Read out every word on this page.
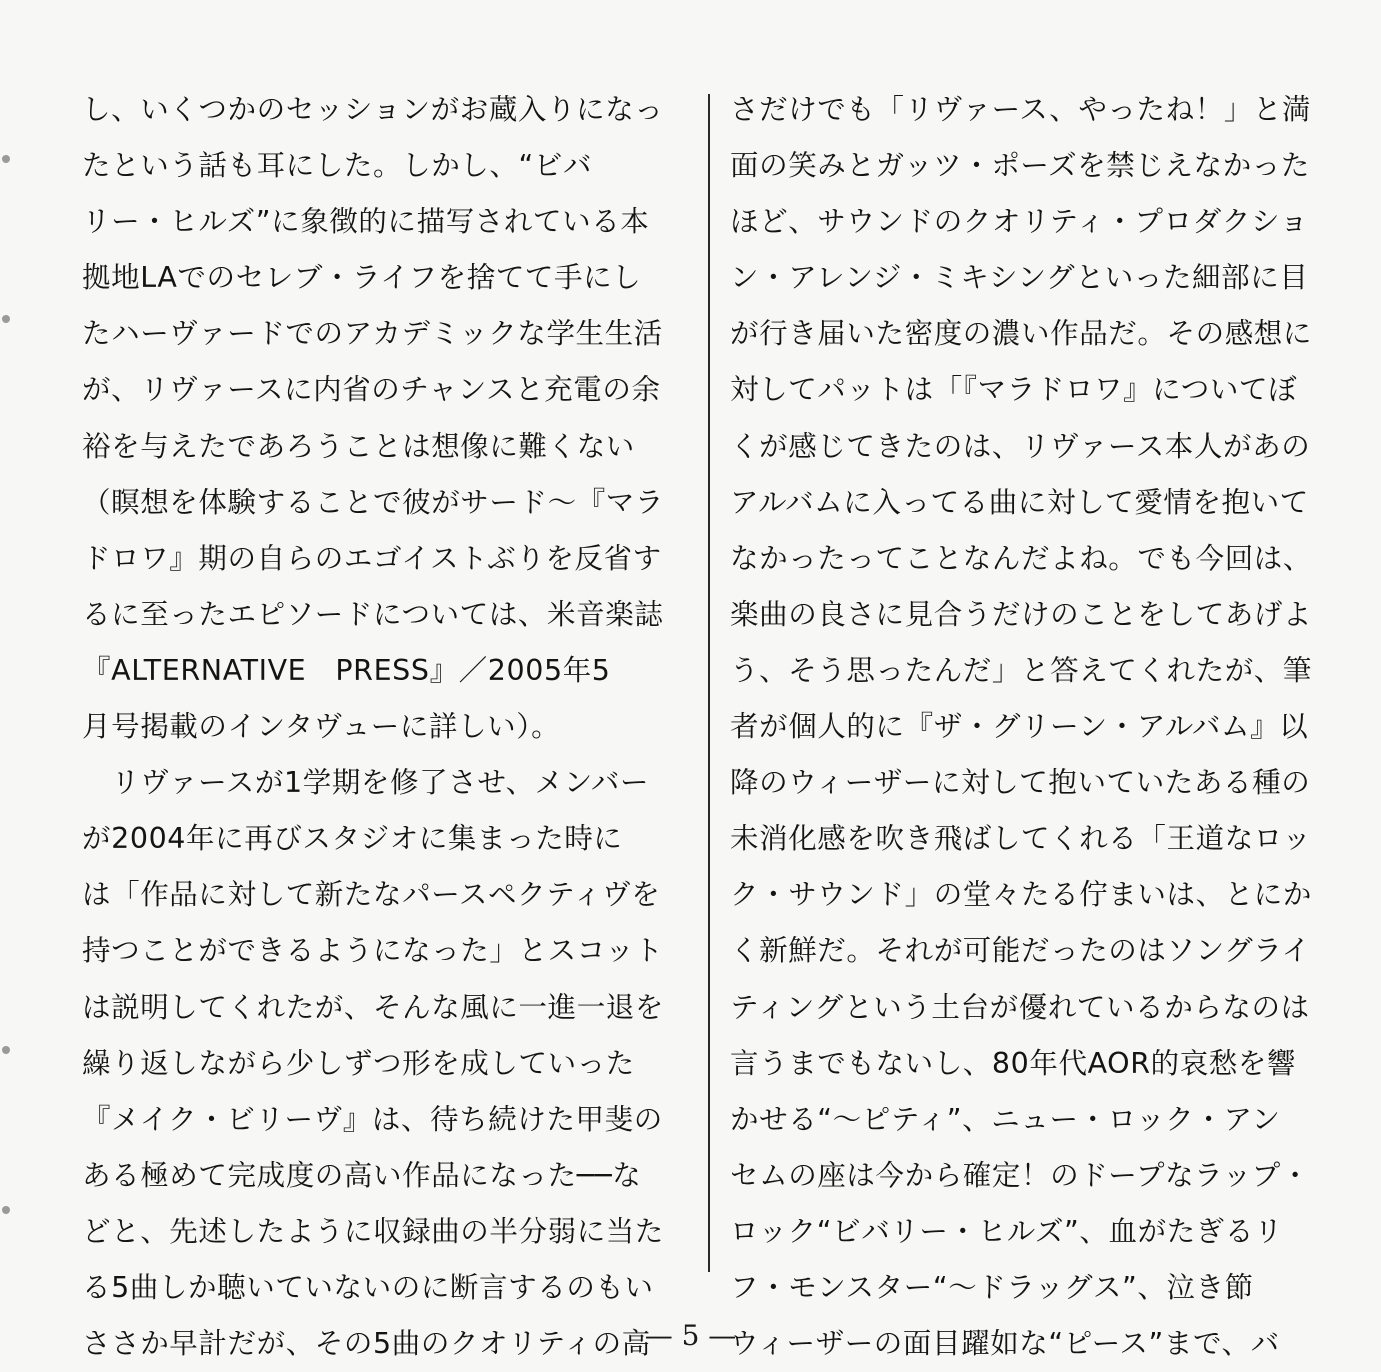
し、いくつかのセッションがお蔵入りになっ
たという話も耳にした。しかし、“ビバ
リー・ヒルズ”に象徴的に描写されている本
拠地LAでのセレブ・ライフを捨てて手にし
たハーヴァードでのアカデミックな学生生活
が、リヴァースに内省のチャンスと充電の余
裕を与えたであろうことは想像に難くない
（瞑想を体験することで彼がサード〜『マラ
ドロワ』期の自らのエゴイストぶりを反省す
るに至ったエピソードについては、米音楽誌
『ALTERNATIVE　PRESS』／2005年5
月号掲載のインタヴューに詳しい）。
　リヴァースが1学期を修了させ、メンバー
が2004年に再びスタジオに集まった時に
は「作品に対して新たなパースペクティヴを
持つことができるようになった」とスコット
は説明してくれたが、そんな風に一進一退を
繰り返しながら少しずつ形を成していった
『メイク・ビリーヴ』は、待ち続けた甲斐の
ある極めて完成度の高い作品になった──な
どと、先述したように収録曲の半分弱に当た
る5曲しか聴いていないのに断言するのもい
ささか早計だが、その5曲のクオリティの高
さだけでも「リヴァース、やったね！」と満
面の笑みとガッツ・ポーズを禁じえなかった
ほど、サウンドのクオリティ・プロダクショ
ン・アレンジ・ミキシングといった細部に目
が行き届いた密度の濃い作品だ。その感想に
対してパットは「『マラドロワ』についてぼ
くが感じてきたのは、リヴァース本人があの
アルバムに入ってる曲に対して愛情を抱いて
なかったってことなんだよね。でも今回は、
楽曲の良さに見合うだけのことをしてあげよ
う、そう思ったんだ」と答えてくれたが、筆
者が個人的に『ザ・グリーン・アルバム』以
降のウィーザーに対して抱いていたある種の
未消化感を吹き飛ばしてくれる「王道なロッ
ク・サウンド」の堂々たる佇まいは、とにか
く新鮮だ。それが可能だったのはソングライ
ティングという土台が優れているからなのは
言うまでもないし、80年代AOR的哀愁を響
かせる“〜ピティ”、ニュー・ロック・アン
セムの座は今から確定！のドープなラップ・
ロック“ビバリー・ヒルズ”、血がたぎるリ
フ・モンスター“〜ドラッグス”、泣き節
ウィーザーの面目躍如な“ピース”まで、バ
— 5 —
